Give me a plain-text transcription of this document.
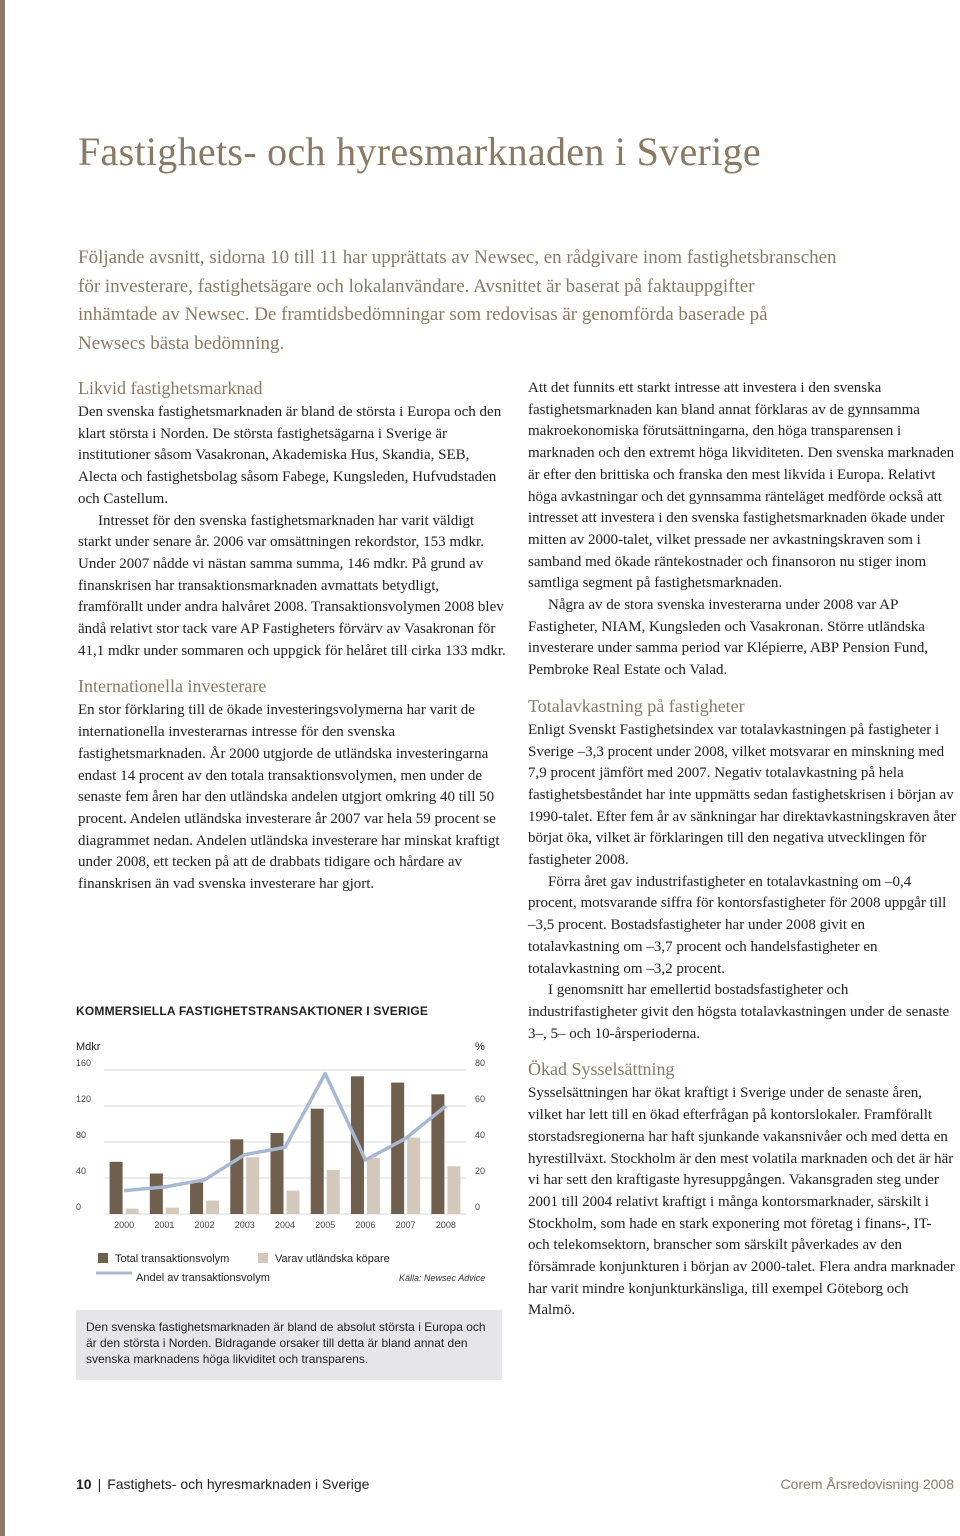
Fastighets- och hyresmarknaden i Sverige

Följande avsnitt, sidorna 10 till 11 har upprättats av Newsec, en rådgivare inom fastighetsbranschen för investerare, fastighetsägare och lokalanvändare. Avsnittet är baserat på faktauppgifter inhämtade av Newsec. De framtidsbedömningar som redovisas är genomförda baserade på Newsecs bästa bedömning.

Likvid fastighetsmarknad

Den svenska fastighetsmarknaden är bland de största i Europa och den klart största i Norden. De största fastighetsägarna i Sverige är institutioner såsom Vasakronan, Akademiska Hus, Skandia, SEB, Alecta och fastighetsbolag såsom Fabege, Kungsleden, Hufvudstaden och Castellum.

Intresset för den svenska fastighetsmarknaden har varit väldigt starkt under senare år. 2006 var omsättningen rekordstor, 153 mdkr. Under 2007 nådde vi nästan samma summa, 146 mdkr. På grund av finanskrisen har transaktionsmarknaden avmattats betydligt, framförallt under andra halvåret 2008. Transaktionsvolymen 2008 blev ändå relativt stor tack vare AP Fastigheters förvärv av Vasakronan för 41,1 mdkr under sommaren och uppgick för helåret till cirka 133 mdkr.

Internationella investerare

En stor förklaring till de ökade investeringsvolymerna har varit de internationella investerarnas intresse för den svenska fastighetsmarknaden. År 2000 utgjorde de utländska investeringarna endast 14 procent av den totala transaktionsvolymen, men under de senaste fem åren har den utländska andelen utgjort omkring 40 till 50 procent. Andelen utländska investerare år 2007 var hela 59 procent se diagrammet nedan. Andelen utländska investerare har minskat kraftigt under 2008, ett tecken på att de drabbats tidigare och hårdare av finanskrisen än vad svenska investerare har gjort.

Att det funnits ett starkt intresse att investera i den svenska fastighetsmarknaden kan bland annat förklaras av de gynnsamma makroekonomiska förutsättningarna, den höga transparensen i marknaden och den extremt höga likviditeten. Den svenska marknaden är efter den brittiska och franska den mest likvida i Europa. Relativt höga avkastningar och det gynnsamma ränteläget medförde också att intresset att investera i den svenska fastighetsmarknaden ökade under mitten av 2000-talet, vilket pressade ner avkastningskraven som i samband med ökade räntekostnader och finansoron nu stiger inom samtliga segment på fastighetsmarknaden.

Några av de stora svenska investerarna under 2008 var AP Fastigheter, NIAM, Kungsleden och Vasakronan. Större utländska investerare under samma period var Klépierre, ABP Pension Fund, Pembroke Real Estate och Valad.

Totalavkastning på fastigheter

Enligt Svenskt Fastighetsindex var totalavkastningen på fastigheter i Sverige –3,3 procent under 2008, vilket motsvarar en minskning med 7,9 procent jämfört med 2007. Negativ totalavkastning på hela fastighetsbeståndet har inte uppmätts sedan fastighetskrisen i början av 1990-talet. Efter fem år av sänkningar har direktavkastningskraven åter börjat öka, vilket är förklaringen till den negativa utvecklingen för fastigheter 2008.

Förra året gav industrifastigheter en totalavkastning om –0,4 procent, motsvarande siffra för kontorsfastigheter för 2008 uppgår till –3,5 procent. Bostadsfastigheter har under 2008 givit en totalavkastning om –3,7 procent och handelsfastigheter en totalavkastning om –3,2 procent.

I genomsnitt har emellertid bostadsfastigheter och industrifastigheter givit den högsta totalavkastningen under de senaste 3–, 5– och 10-årsperioderna.

Ökad Sysselsättning

Sysselsättningen har ökat kraftigt i Sverige under de senaste åren, vilket har lett till en ökad efterfrågan på kontorslokaler. Framförallt storstadsregionerna har haft sjunkande vakansnivåer och med detta en hyrestillväxt. Stockholm är den mest volatila marknaden och det är här vi har sett den kraftigaste hyresuppgången. Vakansgraden steg under 2001 till 2004 relativt kraftigt i många kontorsmarknader, särskilt i Stockholm, som hade en stark exponering mot företag i finans-, IT- och telekomsektorn, branscher som särskilt påverkades av den försämrade konjunkturen i början av 2000-talet. Flera andra marknader har varit mindre konjunkturkänsliga, till exempel Göteborg och Malmö.

KOMMERSIELLA FASTIGHETSTRANSAKTIONER I SVERIGE
Mdkr	%
0
40
80
120
160
0
20
40
60
80
2000 2001 2002 2003 2004 2005 2006 2007 2008
Total transaktionsvolym	Varav utländska köpare
Andel av transaktionsvolym	Källa: Newsec Advice
Den svenska fastighetsmarknaden är bland de absolut största i Europa och är den största i Norden. Bidragande orsaker till detta är bland annat den svenska marknadens höga likviditet och transparens.
10 | Fastighets- och hyresmarknaden i Sverige	Corem Årsredovisning 2008
